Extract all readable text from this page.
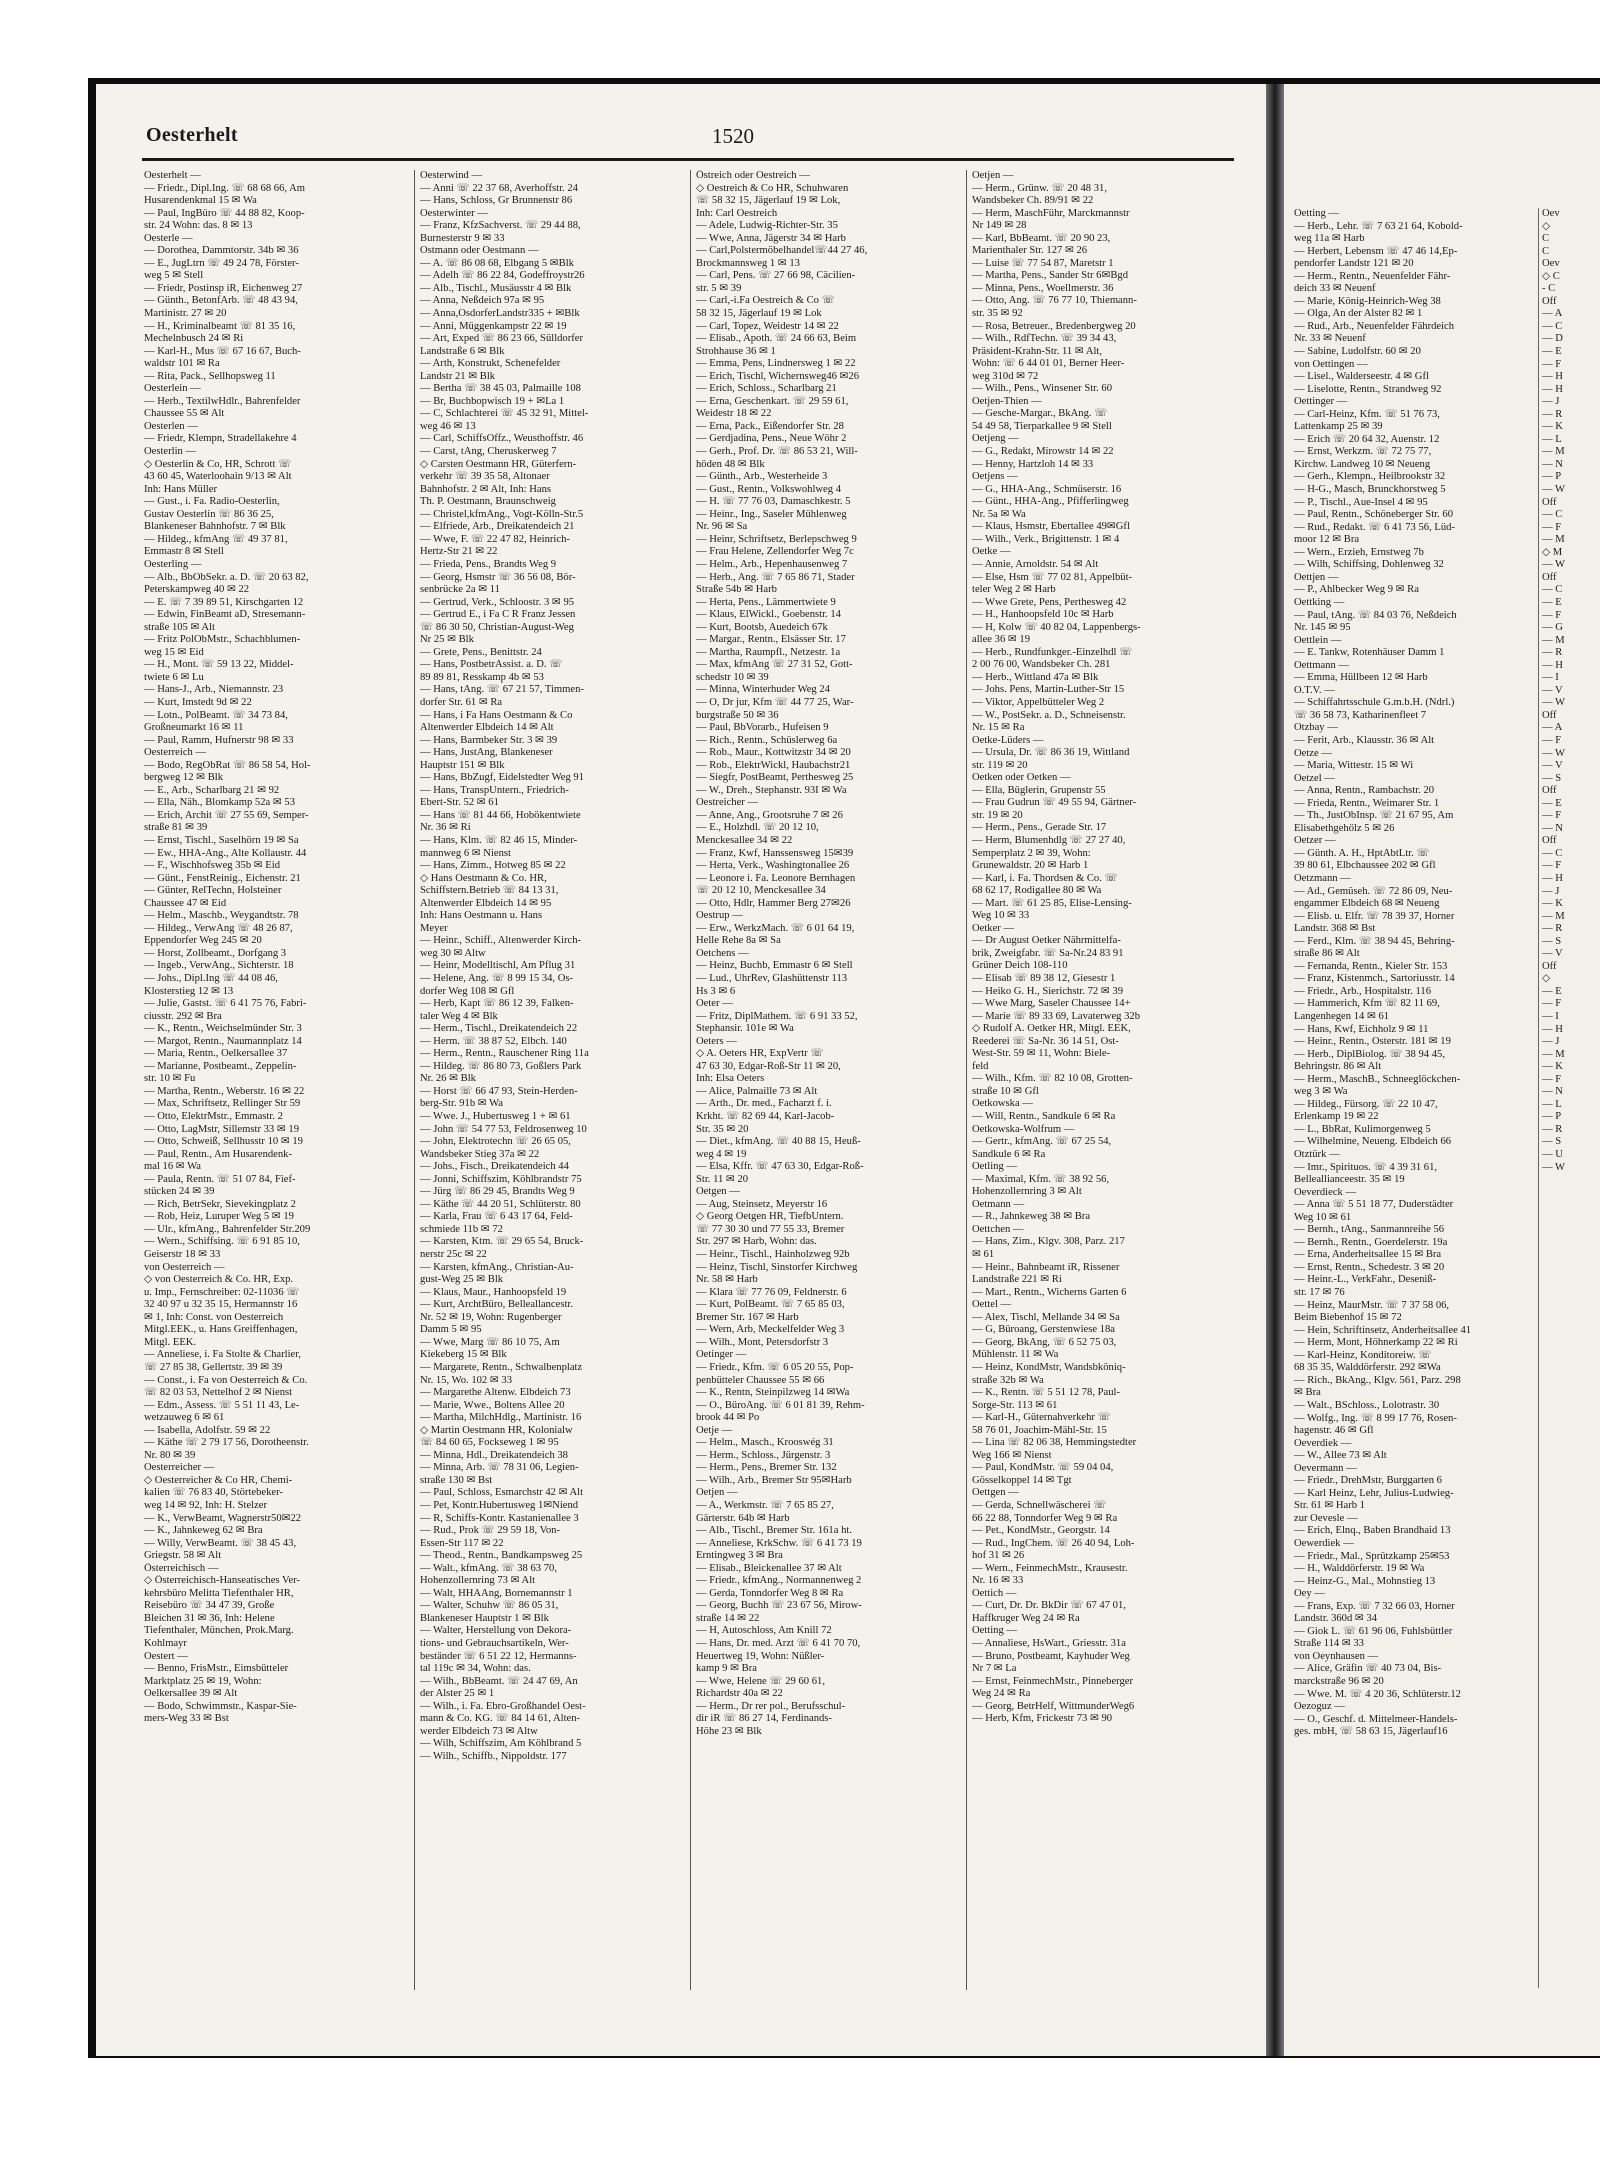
Oesterhelt	1520
Oesterhelt —
— Friedr., Dipl.Ing. ☏ 68 68 66, Am
Husarendenkmal 15 ✉ Wa
— Paul, IngBüro ☏ 44 88 82, Koop-
str. 24 Wohn: das. 8 ✉ 13
Oesterle —
— Dorothea, Dammtorstr. 34b ✉ 36
— E., JugLtrn ☏ 49 24 78, Förster-
weg 5 ✉ Stell
— Friedr, Postinsp iR, Eichenweg 27
— Günth., BetonfArb. ☏ 48 43 94,
Martinistr. 27 ✉ 20
— H., Kriminalbeamt ☏ 81 35 16,
Mechelnbusch 24 ✉ Ri
— Karl-H., Mus ☏ 67 16 67, Buch-
waldstr 101 ✉ Ra
— Rita, Pack., Sellhopsweg 11
Oesterlein —
— Herb., TextilwHdlr., Bahrenfelder
Chaussee 55 ✉ Alt
Oesterlen —
— Friedr, Klempn, Stradellakehre 4
Oesterlin —
◇ Oesterlin & Co, HR, Schrott ☏
43 60 45, Waterloohain 9/13 ✉ Alt
Inh: Hans Müller
— Gust., i. Fa. Radio-Oesterlin,
Gustav Oesterlin ☏ 86 36 25,
Blankeneser Bahnhofstr. 7 ✉ Blk
— Hildeg., kfmAng ☏ 49 37 81,
Emmastr 8 ✉ Stell
Oesterling —
— Alb., BbObSekr. a. D. ☏ 20 63 82,
Peterskampweg 40 ✉ 22
— E. ☏ 7 39 89 51, Kirschgarten 12
— Edwin, FinBeamt aD, Stresemann-
straße 105 ✉ Alt
— Fritz PolObMstr., Schachblumen-
weg 15 ✉ Eid
— H., Mont. ☏ 59 13 22, Middel-
twiete 6 ✉ Lu
— Hans-J., Arb., Niemannstr. 23
— Kurt, Imstedt 9d ✉ 22
— Lotn., PolBeamt. ☏ 34 73 84,
Großneumarkt 16 ✉ 11
— Paul, Ramm, Hufnerstr 98 ✉ 33
Oesterreich —
— Bodo, RegObRat ☏ 86 58 54, Hol-
bergweg 12 ✉ Blk
— E., Arb., Scharlbarg 21 ✉ 92
— Ella, Näh., Blomkamp 52a ✉ 53
— Erich, Archit ☏ 27 55 69, Semper-
straße 81 ✉ 39
— Ernst, Tischl., Saselhörn 19 ✉ Sa
— Ew., HHA-Ang., Alte Kollaustr. 44
— F., Wischhofsweg 35b ✉ Eid
— Günt., FenstReinig., Eichenstr. 21
— Günter, RelTechn, Holsteiner
Chaussee 47 ✉ Eid
— Helm., Maschb., Weygandtstr. 78
— Hildeg., VerwAng ☏ 48 26 87,
Eppendorfer Weg 245 ✉ 20
— Horst, Zollbeamt., Dorfgang 3
— Ingeb., VerwAng., Sichterstr. 18
— Johs., Dipl.Ing ☏ 44 08 46,
Klosterstieg 12 ✉ 13
— Julie, Gastst. ☏ 6 41 75 76, Fabri-
ciusstr. 292 ✉ Bra
— K., Rentn., Weichselmünder Str. 3
— Margot, Rentn., Naumannplatz 14
— Maria, Rentn., Oelkersallee 37
— Marianne, Postbeamt., Zeppelin-
str. 10 ✉ Fu
— Martha, Rentn., Weberstr. 16 ✉ 22
— Max, Schriftsetz, Rellinger Str 59
— Otto, ElektrMstr., Emmastr. 2
— Otto, LagMstr, Sillemstr 33 ✉ 19
— Otto, Schweiß, Sellhusstr 10 ✉ 19
— Paul, Rentn., Am Husarendenk-
mal 16 ✉ Wa
— Paula, Rentn. ☏ 51 07 84, Fief-
stücken 24 ✉ 39
— Rich, BetrSekr, Sievekingplatz 2
— Rob, Heiz, Luruper Weg 5 ✉ 19
— Ulr., kfmAng., Bahrenfelder Str.209
— Wern., Schiffsing. ☏ 6 91 85 10,
Geiserstr 18 ✉ 33
von Oesterreich —
◇ von Oesterreich & Co. HR, Exp.
u. Imp., Fernschreiber: 02-11036 ☏
32 40 97 u 32 35 15, Hermannstr 16
✉ 1, Inh: Const. von Oesterreich
Mitgl.EEK., u. Hans Greiffenhagen,
Mitgl. EEK.
— Anneliese, i. Fa Stolte & Charlier,
☏ 27 85 38, Gellertstr. 39 ✉ 39
— Const., i. Fa von Oesterreich & Co.
☏ 82 03 53, Nettelhof 2 ✉ Nienst
— Edm., Assess. ☏ 5 51 11 43, Le-
wetzauweg 6 ✉ 61
— Isabella, Adolfstr. 59 ✉ 22
— Käthe ☏ 2 79 17 56, Dorotheenstr.
Nr. 80 ✉ 39
Oesterreicher —
◇ Oesterreicher & Co HR, Chemi-
kalien ☏ 76 83 40, Störtebeker-
weg 14 ✉ 92, Inh: H. Stelzer
— K., VerwBeamt, Wagnerstr50✉22
— K., Jahnkeweg 62 ✉ Bra
— Willy, VerwBeamt. ☏ 38 45 43,
Griegstr. 58 ✉ Alt
Österreichisch —
◇ Österreichisch-Hanseatisches Ver-
kehrsbüro Melitta Tiefenthaler HR,
Reisebüro ☏ 34 47 39, Große
Bleichen 31 ✉ 36, Inh: Helene
Tiefenthaler, München, Prok.Marg.
Kohlmayr
Oestert —
— Benno, FrisMstr., Eimsbütteler
Marktplatz 25 ✉ 19, Wohn:
Oelkersallee 39 ✉ Alt
— Bodo, Schwimmstr., Kaspar-Sie-
mers-Weg 33 ✉ Bst
Oesterwind —
— Anni ☏ 22 37 68, Averhoffstr. 24
— Hans, Schloss, Gr Brunnenstr 86
Oesterwinter —
— Franz, KfzSachverst. ☏ 29 44 88,
Burnesterstr 9 ✉ 33
Ostmann oder Oestmann —
— A. ☏ 86 08 68, Elbgang 5 ✉Blk
— Adelh ☏ 86 22 84, Godeffroystr26
— Alb., Tischl., Musäusstr 4 ✉ Blk
— Anna, Neßdeich 97a ✉ 95
— Anna,OsdorferLandstr335 + ✉Blk
— Anni, Müggenkampstr 22 ✉ 19
— Art, Exped ☏ 86 23 66, Sülldorfer
Landstraße 6 ✉ Blk
— Arth, Konstrukt, Schenefelder
Landstr 21 ✉ Blk
— Bertha ☏ 38 45 03, Palmaille 108
— Br, Buchbopwisch 19 + ✉La 1
— C, Schlachterei ☏ 45 32 91, Mittel-
weg 46 ✉ 13
— Carl, SchiffsOffz., Weusthoffstr. 46
— Carst, tAng, Cheruskerweg 7
◇ Carsten Oestmann HR, Güterfern-
verkehr ☏ 39 35 58, Altonaer
Bahnhofstr. 2 ✉ Alt, Inh: Hans
Th. P. Oestmann, Braunschweig
— Christel,kfmAng., Vogt-Kölln-Str.5
— Elfriede, Arb., Dreikatendeich 21
— Wwe, F. ☏ 22 47 82, Heinrich-
Hertz-Str 21 ✉ 22
— Frieda, Pens., Brandts Weg 9
— Georg, Hsmstr ☏ 36 56 08, Bör-
senbrücke 2a ✉ 11
— Gertrud, Verk., Schloostr. 3 ✉ 95
— Gertrud E., i Fa C R Franz Jessen
☏ 86 30 50, Christian-August-Weg
Nr 25 ✉ Blk
— Grete, Pens., Benittstr. 24
— Hans, PostbetrAssist. a. D. ☏
89 89 81, Resskamp 4b ✉ 53
— Hans, tAng. ☏ 67 21 57, Timmen-
dorfer Str. 61 ✉ Ra
— Hans, i Fa Hans Oestmann & Co
Altenwerder Elbdeich 14 ✉ Alt
— Hans, Barmbeker Str. 3 ✉ 39
— Hans, JustAng, Blankeneser
Hauptstr 151 ✉ Blk
— Hans, BbZugf, Eidelstedter Weg 91
— Hans, TranspUntern., Friedrich-
Ebert-Str. 52 ✉ 61
— Hans ☏ 81 44 66, Hobökentwiete
Nr. 36 ✉ Ri
— Hans, Klm. ☏ 82 46 15, Minder-
mannweg 6 ✉ Nienst
— Hans, Zimm., Hotweg 85 ✉ 22
◇ Hans Oestmann & Co. HR,
Schiffstern.Betrieb ☏ 84 13 31,
Altenwerder Elbdeich 14 ✉ 95
Inh: Hans Oestmann u. Hans
Meyer
— Heinr., Schiff., Altenwerder Kirch-
weg 30 ✉ Altw
— Heinr, Modelltischl, Am Pflug 31
— Helene, Ang. ☏ 8 99 15 34, Os-
dorfer Weg 108 ✉ Gfl
— Herb, Kapt ☏ 86 12 39, Falken-
taler Weg 4 ✉ Blk
— Herm., Tischl., Dreikatendeich 22
— Herm. ☏ 38 87 52, Elbch. 140
— Herm., Rentn., Rauschener Ring 11a
— Hildeg. ☏ 86 80 73, Goßlers Park
Nr. 26 ✉ Blk
— Horst ☏ 66 47 93, Stein-Herden-
berg-Str. 91b ✉ Wa
— Wwe. J., Hubertusweg 1 + ✉ 61
— John ☏ 54 77 53, Feldrosenweg 10
— John, Elektrotechn ☏ 26 65 05,
Wandsbeker Stieg 37a ✉ 22
— Johs., Fisch., Dreikatendeich 44
— Jonni, Schiffszim, Köhlbrandstr 75
— Jürg ☏ 86 29 45, Brandts Weg 9
— Käthe ☏ 44 20 51, Schlüterstr. 80
— Karla, Frau ☏ 6 43 17 64, Feld-
schmiede 11b ✉ 72
— Karsten, Ktm. ☏ 29 65 54, Bruck-
nerstr 25c ✉ 22
— Karsten, kfmAng., Christian-Au-
gust-Weg 25 ✉ Blk
— Klaus, Maur., Hanhoopsfeld 19
— Kurt, ArchtBüro, Belleallancestr.
Nr. 52 ✉ 19, Wohn: Rugenberger
Damm 5 ✉ 95
— Wwe, Marg ☏ 86 10 75, Am
Kiekeberg 15 ✉ Blk
— Margarete, Rentn., Schwalbenplatz
Nr. 15, Wo. 102 ✉ 33
— Margarethe Altenw. Elbdeich 73
— Marie, Wwe., Boltens Allee 20
— Martha, MilchHdlg., Martinistr. 16
◇ Martin Oestmann HR, Kolonialw
☏ 84 60 65, Fockseweg 1 ✉ 95
— Minna, Hdl., Dreikatendeich 38
— Minna, Arb. ☏ 78 31 06, Legien-
straße 130 ✉ Bst
— Paul, Schloss, Esmarchstr 42 ✉ Alt
— Pet, Kontr.Hubertusweg 1✉Niend
— R, Schiffs-Kontr. Kastanienallee 3
— Rud., Prok ☏ 29 59 18, Von-
Essen-Str 117 ✉ 22
— Theod., Rentn., Bandkampsweg 25
— Walt., kfmAng. ☏ 38 63 70,
Hohenzollernring 73 ✉ Alt
— Walt, HHAAng, Bornemannstr 1
— Walter, Schuhw ☏ 86 05 31,
Blankeneser Hauptstr 1 ✉ Blk
— Walter, Herstellung von Dekora-
tions- und Gebrauchsartikeln, Wer-
beständer ☏ 6 51 22 12, Hermanns-
tal 119c ✉ 34, Wohn: das.
— Wilh., BbBeamt. ☏ 24 47 69, An
der Alster 25 ✉ 1
— Wilh., i. Fa. Ebro-Großhandel Oest-
mann & Co. KG. ☏ 84 14 61, Alten-
werder Elbdeich 73 ✉ Altw
— Wilh, Schiffszim, Am Köhlbrand 5
— Wilh., Schiffb., Nippoldstr. 177
Östreich oder Oestreich —
◇ Oestreich & Co HR, Schuhwaren
☏ 58 32 15, Jägerlauf 19 ✉ Lok,
Inh: Carl Oestreich
— Adele, Ludwig-Richter-Str. 35
— Wwe, Anna, Jägerstr 34 ✉ Harb
— Carl,Polstermöbelhandel☏44 27 46,
Brockmannsweg 1 ✉ 13
— Carl, Pens. ☏ 27 66 98, Cäcilien-
str. 5 ✉ 39
— Carl,-i.Fa Oestreich & Co ☏
58 32 15, Jägerlauf 19 ✉ Lok
— Carl, Topez, Weidestr 14 ✉ 22
— Elisab., Apoth. ☏ 24 66 63, Beim
Strohhause 36 ✉ 1
— Emma, Pens, Lindnersweg 1 ✉ 22
— Erich, Tischl, Wichernsweg46 ✉26
— Erich, Schloss., Scharlbarg 21
— Erna, Geschenkart. ☏ 29 59 61,
Weidestr 18 ✉ 22
— Erna, Pack., Eißendorfer Str. 28
— Gerdjadina, Pens., Neue Wöhr 2
— Gerh., Prof. Dr. ☏ 86 53 21, Will-
höden 48 ✉ Blk
— Günth., Arb., Westerheide 3
— Gust., Rentn., Volkswohlweg 4
— H. ☏ 77 76 03, Damaschkestr. 5
— Heinr., Ing., Saseler Mühlenweg
Nr. 96 ✉ Sa
— Heinr, Schriftsetz, Berlepschweg 9
— Frau Helene, Zellendorfer Weg 7c
— Helm., Arb., Hepenhausenweg 7
— Herb., Ang. ☏ 7 65 86 71, Stader
Straße 54b ✉ Harb
— Herta, Pens., Lämmertwiete 9
— Klaus, ElWickl., Goebenstr. 14
— Kurt, Bootsb, Auedeich 67k
— Margar., Rentn., Elsässer Str. 17
— Martha, Raumpfl., Netzestr. 1a
— Max, kfmAng ☏ 27 31 52, Gott-
schedstr 10 ✉ 39
— Minna, Winterhuder Weg 24
— O, Dr jur, Kfm ☏ 44 77 25, War-
burgstraße 50 ✉ 36
— Paul, BbVorarb., Hufeisen 9
— Rich., Rentn., Schüslerweg 6a
— Rob., Maur., Kottwitzstr 34 ✉ 20
— Rob., ElektrWickl, Haubachstr21
— Siegfr, PostBeamt, Perthesweg 25
— W., Dreh., Stephanstr. 93I ✉ Wa
Oestreicher —
— Anne, Ang., Grootsruhe 7 ✉ 26
— E., Holzhdl. ☏ 20 12 10,
Menckesallee 34 ✉ 22
— Franz, Kwf, Hanssensweg 15✉39
— Herta, Verk., Washingtonallee 26
— Leonore i. Fa. Leonore Bernhagen
☏ 20 12 10, Menckesallee 34
— Otto, Hdlr, Hammer Berg 27✉26
Oestrup —
— Erw., WerkzMach. ☏ 6 01 64 19,
Helle Rehe 8a ✉ Sa
Oetchens —
— Heinz, Buchb, Emmastr 6 ✉ Stell
— Lud., UhrRev, Glashüttenstr 113
Hs 3 ✉ 6
Oeter —
— Fritz, DiplMathem. ☏ 6 91 33 52,
Stephansir. 101e ✉ Wa
Oeters —
◇ A. Oeters HR, ExpVertr ☏
47 63 30, Edgar-Roß-Str 11 ✉ 20,
Inh: Elsa Oeters
— Alice, Palmaille 73 ✉ Alt
— Arth., Dr. med., Facharzt f. i.
Krkht. ☏ 82 69 44, Karl-Jacob-
Str. 35 ✉ 20
— Diet., kfmAng. ☏ 40 88 15, Heuß-
weg 4 ✉ 19
— Elsa, Kffr. ☏ 47 63 30, Edgar-Roß-
Str. 11 ✉ 20
Oetgen —
— Aug, Steinsetz, Meyerstr 16
◇ Georg Oetgen HR, TiefbUntern.
☏ 77 30 30 und 77 55 33, Bremer
Str. 297 ✉ Harb, Wohn: das.
— Heinr., Tischl., Hainholzweg 92b
— Heinz, Tischl, Sinstorfer Kirchweg
Nr. 58 ✉ Harb
— Klara ☏ 77 76 09, Feldnerstr. 6
— Kurt, PolBeamt. ☏ 7 65 85 03,
Bremer Str. 167 ✉ Harb
— Wern, Arb, Meckelfelder Weg 3
— Wilh., Mont, Petersdorfstr 3
Oetinger —
— Friedr., Kfm. ☏ 6 05 20 55, Pop-
penbütteler Chaussee 55 ✉ 66
— K., Rentn, Steinpilzweg 14 ✉Wa
— O., BüroAng. ☏ 6 01 81 39, Rehm-
brook 44 ✉ Po
Oetje —
— Helm., Masch., Krooswég 31
— Herm., Schloss., Jürgenstr. 3
— Herm., Pens., Bremer Str. 132
— Wilh., Arb., Bremer Str 95✉Harb
Oetjen —
— A., Werkmstr. ☏ 7 65 85 27,
Gärterstr. 64b ✉ Harb
— Alb., Tischl., Bremer Str. 161a ht.
— Anneliese, KrkSchw. ☏ 6 41 73 19
Erntingweg 3 ✉ Bra
— Elisab., Bleickenallee 37 ✉ Alt
— Friedr., kfmAng., Normannenweg 2
— Gerda, Tonndorfer Weg 8 ✉ Ra
— Georg, Buchh ☏ 23 67 56, Mirow-
straße 14 ✉ 22
— H, Autoschloss, Am Knill 72
— Hans, Dr. med. Arzt ☏ 6 41 70 70,
Heuertweg 19, Wohn: Nüßler-
kamp 9 ✉ Bra
— Wwe, Helene ☏ 29 60 61,
Richardstr 40a ✉ 22
— Herm., Dr rer pol., Berufsschul-
dir iR ☏ 86 27 14, Ferdinands-
Höhe 23 ✉ Blk
Oetjen —
— Herm., Grünw. ☏ 20 48 31,
Wandsbeker Ch. 89/91 ✉ 22
— Herm, MaschFühr, Marckmannstr
Nr 149 ✉ 28
— Karl, BbBeamt. ☏ 20 90 23,
Marienthaler Str. 127 ✉ 26
— Luise ☏ 77 54 87, Maretstr 1
— Martha, Pens., Sander Str 6✉Bgd
— Minna, Pens., Woellmerstr. 36
— Otto, Ang. ☏ 76 77 10, Thiemann-
str. 35 ✉ 92
— Rosa, Betreuer., Bredenbergweg 20
— Wilh., RdfTechn. ☏ 39 34 43,
Präsident-Krahn-Str. 11 ✉ Alt,
Wohn: ☏ 6 44 01 01, Berner Heer-
weg 310d ✉ 72
— Wilh., Pens., Winsener Str. 60
Oetjen-Thien —
— Gesche-Margar., BkAng. ☏
54 49 58, Tierparkallee 9 ✉ Stell
Oetjeng —
— G., Redakt, Mirowstr 14 ✉ 22
— Henny, Hartzloh 14 ✉ 33
Oetjens —
— G., HHA-Ang., Schmüserstr. 16
— Günt., HHA-Ang., Pfifferlingweg
Nr. 5a ✉ Wa
— Klaus, Hsmstr, Ebertallee 49✉Gfl
— Wilh., Verk., Brigittenstr. 1 ✉ 4
Oetke —
— Annie, Arnoldstr. 54 ✉ Alt
— Else, Hsm ☏ 77 02 81, Appelbüt-
teler Weg 2 ✉ Harb
— Wwe Grete, Pens, Perthesweg 42
— H., Hanhoopsfeld 10c ✉ Harb
— H, Kolw ☏ 40 82 04, Lappenbergs-
allee 36 ✉ 19
— Herb., Rundfunkger.-Einzelhdl ☏
2 00 76 00, Wandsbeker Ch. 281
— Herb., Wittland 47a ✉ Blk
— Johs. Pens, Martin-Luther-Str 15
— Viktor, Appelbütteler Weg 2
— W., PostSekr. a. D., Schneisenstr.
Nr. 15 ✉ Ra
Oetke-Lüders —
— Ursula, Dr. ☏ 86 36 19, Wittland
str. 119 ✉ 20
Oetken oder Oetken —
— Ella, Büglerin, Grupenstr 55
— Frau Gudrun ☏ 49 55 94, Gärtner-
str. 19 ✉ 20
— Herm., Pens., Gerade Str. 17
— Herm, Blumenhdlg ☏ 27 27 40,
Semperplatz 2 ✉ 39, Wohn:
Grunewaldstr. 20 ✉ Harb 1
— Karl, i. Fa. Thordsen & Co. ☏
68 62 17, Rodigallee 80 ✉ Wa
— Mart. ☏ 61 25 85, Elise-Lensing-
Weg 10 ✉ 33
Oetker —
— Dr August Oetker Nährmittelfa-
brik, Zweigfabr. ☏ Sa-Nr.24 83 91
Grüner Deich 108-110
— Elisab ☏ 89 38 12, Giesestr 1
— Heiko G. H., Sierichstr. 72 ✉ 39
— Wwe Marg, Saseler Chaussee 14+
— Marie ☏ 89 33 69, Lavaterweg 32b
◇ Rudolf A. Oetker HR, Mitgl. EEK,
Reederei ☏ Sa-Nr. 36 14 51, Ost-
West-Str. 59 ✉ 11, Wohn: Biele-
feld
— Wilh., Kfm. ☏ 82 10 08, Grotten-
straße 10 ✉ Gfl
Oetkowska —
— Will, Rentn., Sandkule 6 ✉ Ra
Oetkowska-Wolfrum —
— Gertr., kfmAng. ☏ 67 25 54,
Sandkule 6 ✉ Ra
Oetling —
— Maximal, Kfm. ☏ 38 92 56,
Hohenzollernring 3 ✉ Alt
Oetmann —
— R., Jahnkeweg 38 ✉ Bra
Oettchen —
— Hans, Zim., Klgv. 308, Parz. 217
✉ 61
— Heinr., Bahnbeamt iR, Rissener
Landstraße 221 ✉ Ri
— Mart., Rentn., Wicherns Garten 6
Oettel —
— Alex, Tischl, Mellande 34 ✉ Sa
— G, Büroang, Gerstenwiese 18a
— Georg, BkAng, ☏ 6 52 75 03,
Mühlenstr. 11 ✉ Wa
— Heinz, KondMstr, Wandsbköniq-
straße 32b ✉ Wa
— K., Rentn. ☏ 5 51 12 78, Paul-
Sorge-Str. 113 ✉ 61
— Karl-H., Güternahverkehr ☏
58 76 01, Joachim-Mähl-Str. 15
— Lina ☏ 82 06 38, Hemmingstedter
Weg 166 ✉ Nienst
— Paul, KondMstr. ☏ 59 04 04,
Gösselkoppel 14 ✉ Tgt
Oettgen —
— Gerda, Schnellwäscherei ☏
66 22 88, Tonndorfer Weg 9 ✉ Ra
— Pet., KondMstr., Georgstr. 14
— Rud., IngChem. ☏ 26 40 94, Loh-
hof 31 ✉ 26
— Wern., FeinmechMstr., Krausestr.
Nr. 16 ✉ 33
Oettich —
— Curt, Dr. Dr. BkDir ☏ 67 47 01,
Haffkruger Weg 24 ✉ Ra
Oetting —
— Annaliese, HsWart., Griesstr. 31a
— Bruno, Postbeamt, Kayhuder Weg
Nr 7 ✉ La
— Ernst, FeinmechMstr., Pinneberger
Weg 24 ✉ Ra
— Georg, BetrHelf, WittmunderWeg6
— Herb, Kfm, Frickestr 73 ✉ 90
Oetting —
— Herb., Lehr. ☏ 7 63 21 64, Kobold-
weg 11a ✉ Harb
— Herbert, Lebensm ☏ 47 46 14,Ep-
pendorfer Landstr 121 ✉ 20
— Herm., Rentn., Neuenfelder Fähr-
deich 33 ✉ Neuenf
— Marie, König-Heinrich-Weg 38
— Olga, An der Alster 82 ✉ 1
— Rud., Arb., Neuenfelder Fährdeich
Nr. 33 ✉ Neuenf
— Sabine, Ludolfstr. 60 ✉ 20
von Oettingen —
— Lisel., Walderseestr. 4 ✉ Gfl
— Liselotte, Rentn., Strandweg 92
Oettinger —
— Carl-Heinz, Kfm. ☏ 51 76 73,
Lattenkamp 25 ✉ 39
— Erich ☏ 20 64 32, Auenstr. 12
— Ernst, Werkzm. ☏ 72 75 77,
Kirchw. Landweg 10 ✉ Neueng
— Gerh., Klempn., Heilbrookstr 32
— H-G., Masch, Brunckhorstweg 5
— P., Tischl., Aue-Insel 4 ✉ 95
— Paul, Rentn., Schöneberger Str. 60
— Rud., Redakt. ☏ 6 41 73 56, Lüd-
moor 12 ✉ Bra
— Wern., Erzieh, Ernstweg 7b
— Wilh, Schiffsing, Dohlenweg 32
Oettjen —
— P., Ahlbecker Weg 9 ✉ Ra
Oettking —
— Paul, tAng. ☏ 84 03 76, Neßdeich
Nr. 145 ✉ 95
Oettlein —
— E. Tankw, Rotenhäuser Damm 1
Oettmann —
— Emma, Hüllbeen 12 ✉ Harb
O.T.V. —
— Schiffahrtsschule G.m.b.H. (Ndrl.)
☏ 36 58 73, Katharinenfleet 7
Otzbay —
— Ferit, Arb., Klausstr. 36 ✉ Alt
Oetze —
— Maria, Wittestr. 15 ✉ Wi
Oetzel —
— Anna, Rentn., Rambachstr. 20
— Frieda, Rentn., Weimarer Str. 1
— Th., JustObInsp. ☏ 21 67 95, Am
Elisabethgehölz 5 ✉ 26
Oetzer —
— Günth. A. H., HptAbtLtr. ☏
39 80 61, Elbchaussee 202 ✉ Gfl
Oetzmann —
— Ad., Gemüseh. ☏ 72 86 09, Neu-
engammer Elbdeich 68 ✉ Neueng
— Elisb. u. Elfr. ☏ 78 39 37, Horner
Landstr. 368 ✉ Bst
— Ferd., Klm. ☏ 38 94 45, Behring-
straße 86 ✉ Alt
— Fernanda, Rentn., Kieler Str. 153
— Franz, Kistenmch., Sartoriusstr. 14
— Friedr., Arb., Hospitalstr. 116
— Hammerich, Kfm ☏ 82 11 69,
Langenhegen 14 ✉ 61
— Hans, Kwf, Eichholz 9 ✉ 11
— Heinr., Rentn., Osterstr. 181 ✉ 19
— Herb., DiplBiolog. ☏ 38 94 45,
Behringstr. 86 ✉ Alt
— Herm., MaschB., Schneeglöckchen-
weg 3 ✉ Wa
— Hildeg., Fürsorg. ☏ 22 10 47,
Erlenkamp 19 ✉ 22
— L., BbRat, Kulimorgenweg 5
— Wilhelmine, Neueng. Elbdeich 66
Otztürk —
— Imr., Spirituos. ☏ 4 39 31 61,
Belleallianceestr. 35 ✉ 19
Oeverdieck —
— Anna ☏ 5 51 18 77, Duderstädter
Weg 10 ✉ 61
— Bernh., tAng., Sanmannreihe 56
— Bernh., Rentn., Goerdelerstr. 19a
— Erna, Anderheitsallee 15 ✉ Bra
— Ernst, Rentn., Schedestr. 3 ✉ 20
— Heinr.-L., VerkFahr., Deseniß-
str. 17 ✉ 76
— Heinz, MaurMstr. ☏ 7 37 58 06,
Beim Biebenhof 15 ✉ 72
— Hein, Schriftinsetz, Anderheitsallee 41
— Herm, Mont, Höhnerkamp 22 ✉ Ri
— Karl-Heinz, Konditoreiw. ☏
68 35 35, Walddörferstr. 292 ✉Wa
— Rich., BkAng., Klgv. 561, Parz. 298
✉ Bra
— Walt., BSchloss., Lolotrastr. 30
— Wolfg., Ing. ☏ 8 99 17 76, Rosen-
hagenstr. 46 ✉ Gfl
Oeverdiek —
— W., Allee 73 ✉ Alt
Oevermann —
— Friedr., DrehMstr, Burggarten 6
— Karl Heinz, Lehr, Julius-Ludwieg-
Str. 61 ✉ Harb 1
zur Oevesle —
— Erich, Elnq., Baben Brandhaid 13
Oewerdiek —
— Friedr., Mal., Sprützkamp 25✉53
— H., Walddörferstr. 19 ✉ Wa
— Heinz-G., Mal., Mohnstieg 13
Oey —
— Frans, Exp. ☏ 7 32 66 03, Horner
Landstr. 360d ✉ 34
— Giok L. ☏ 61 96 06, Fuhlsbüttler
Straße 114 ✉ 33
von Oeynhausen —
— Alice, Gräfin ☏ 40 73 04, Bis-
marckstraße 96 ✉ 20
— Wwe. M. ☏ 4 20 36, Schlüterstr.12
Oezoguz —
— O., Geschf. d. Mittelmeer-Handels-
ges. mbH, ☏ 58 63 15, Jägerlauf16
Oev
◇
C
C
Oev
◇ C
- C
Off
— A
— C
— D
— E
— F
— H
— H
— J
— R
— K
— L
— M
— N
— P
— W
Off
— C
— F
— M
◇ M
— W
Off
— C
— E
— F
— G
— M
— R
— H
— I
— V
— W
Off
— A
— F
— W
— V
— S
Off
— E
— F
— N
Off
— C
— F
— H
— J
— K
— M
— R
— S
— V
Off
◇
— E
— F
— I
— H
— J
— M
— K
— F
— N
— L
— P
— R
— S
— U
— W
